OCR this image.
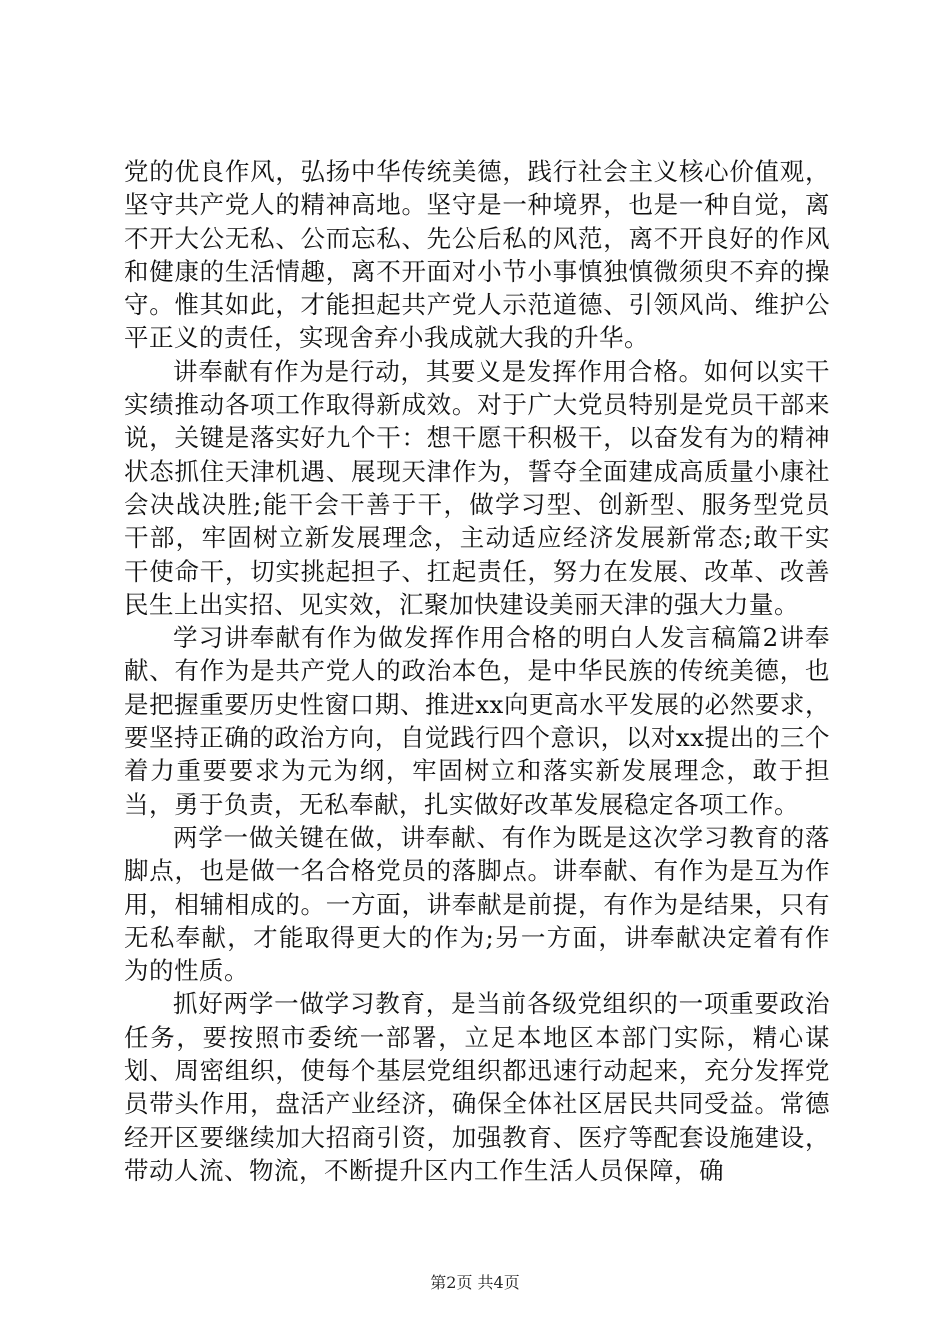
党的优良作风，弘扬中华传统美德，践行社会主义核心价值观，坚守共产党人的精神高地。坚守是一种境界，也是一种自觉，离不开大公无私、公而忘私、先公后私的风范，离不开良好的作风和健康的生活情趣，离不开面对小节小事慎独慎微须臾不弃的操守。惟其如此，才能担起共产党人示范道德、引领风尚、维护公平正义的责任，实现舍弃小我成就大我的升华。

讲奉献有作为是行动，其要义是发挥作用合格。如何以实干实绩推动各项工作取得新成效。对于广大党员特别是党员干部来说，关键是落实好九个干：想干愿干积极干，以奋发有为的精神状态抓住天津机遇、展现天津作为，誓夺全面建成高质量小康社会决战决胜;能干会干善于干，做学习型、创新型、服务型党员干部，牢固树立新发展理念，主动适应经济发展新常态;敢干实干使命干，切实挑起担子、扛起责任，努力在发展、改革、改善民生上出实招、见实效，汇聚加快建设美丽天津的强大力量。

学习讲奉献有作为做发挥作用合格的明白人发言稿篇2讲奉献、有作为是共产党人的政治本色，是中华民族的传统美德，也是把握重要历史性窗口期、推进xx向更高水平发展的必然要求，要坚持正确的政治方向，自觉践行四个意识，以对xx提出的三个着力重要要求为元为纲，牢固树立和落实新发展理念，敢于担当，勇于负责，无私奉献，扎实做好改革发展稳定各项工作。

两学一做关键在做，讲奉献、有作为既是这次学习教育的落脚点，也是做一名合格党员的落脚点。讲奉献、有作为是互为作用，相辅相成的。一方面，讲奉献是前提，有作为是结果，只有无私奉献，才能取得更大的作为;另一方面，讲奉献决定着有作为的性质。

抓好两学一做学习教育，是当前各级党组织的一项重要政治任务，要按照市委统一部署，立足本地区本部门实际，精心谋划、周密组织，使每个基层党组织都迅速行动起来，充分发挥党员带头作用，盘活产业经济，确保全体社区居民共同受益。常德经开区要继续加大招商引资，加强教育、医疗等配套设施建设，带动人流、物流，不断提升区内工作生活人员保障，确

第2页 共4页
